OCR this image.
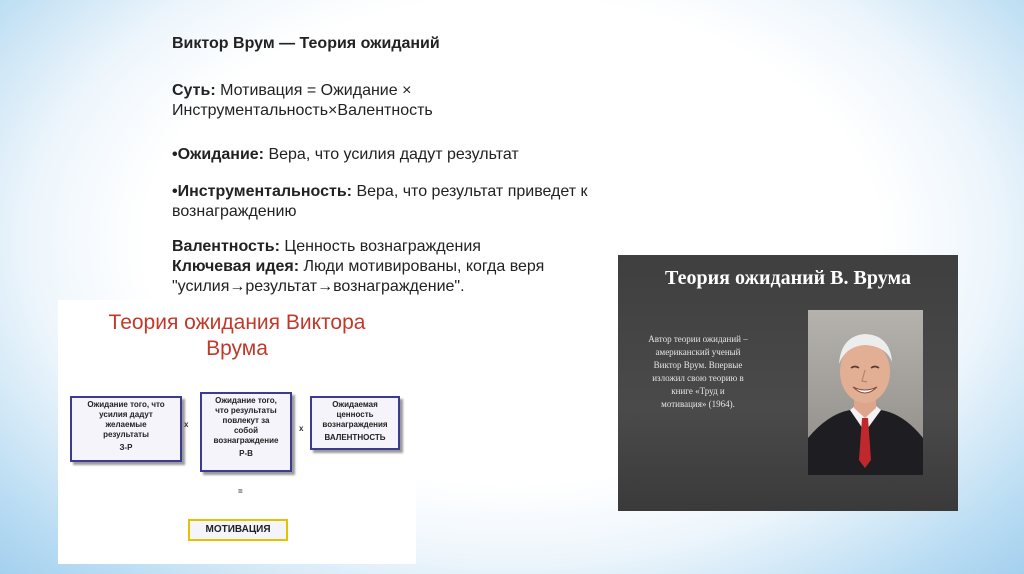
Виктор Врум — Теория ожиданий

Суть: Мотивация = Ожидание ×

Инструментальность×Валентность

•Ожидание: Вера, что усилия дадут результат

•Инструментальность: Вера, что результат приведет к

вознаграждению

Валентность: Ценность вознаграждения

Ключевая идея: Люди мотивированы, когда веря

"усилия→результат→вознаграждение".

Теория ожидания Виктора
Врума
Ожидание того, что
усилия дадут
желаемые
результаты
З-Р
х
Ожидание того,
что результаты
повлекут за
собой
вознаграждение
Р-В
х
Ожидаемая
ценность
вознаграждения
ВАЛЕНТНОСТЬ
=
МОТИВАЦИЯ
Теория ожиданий В. Врума
Автор теории ожиданий –
американский ученый
Виктор Врум. Впервые
изложил свою теорию в
книге «Труд и
мотивация» (1964).
